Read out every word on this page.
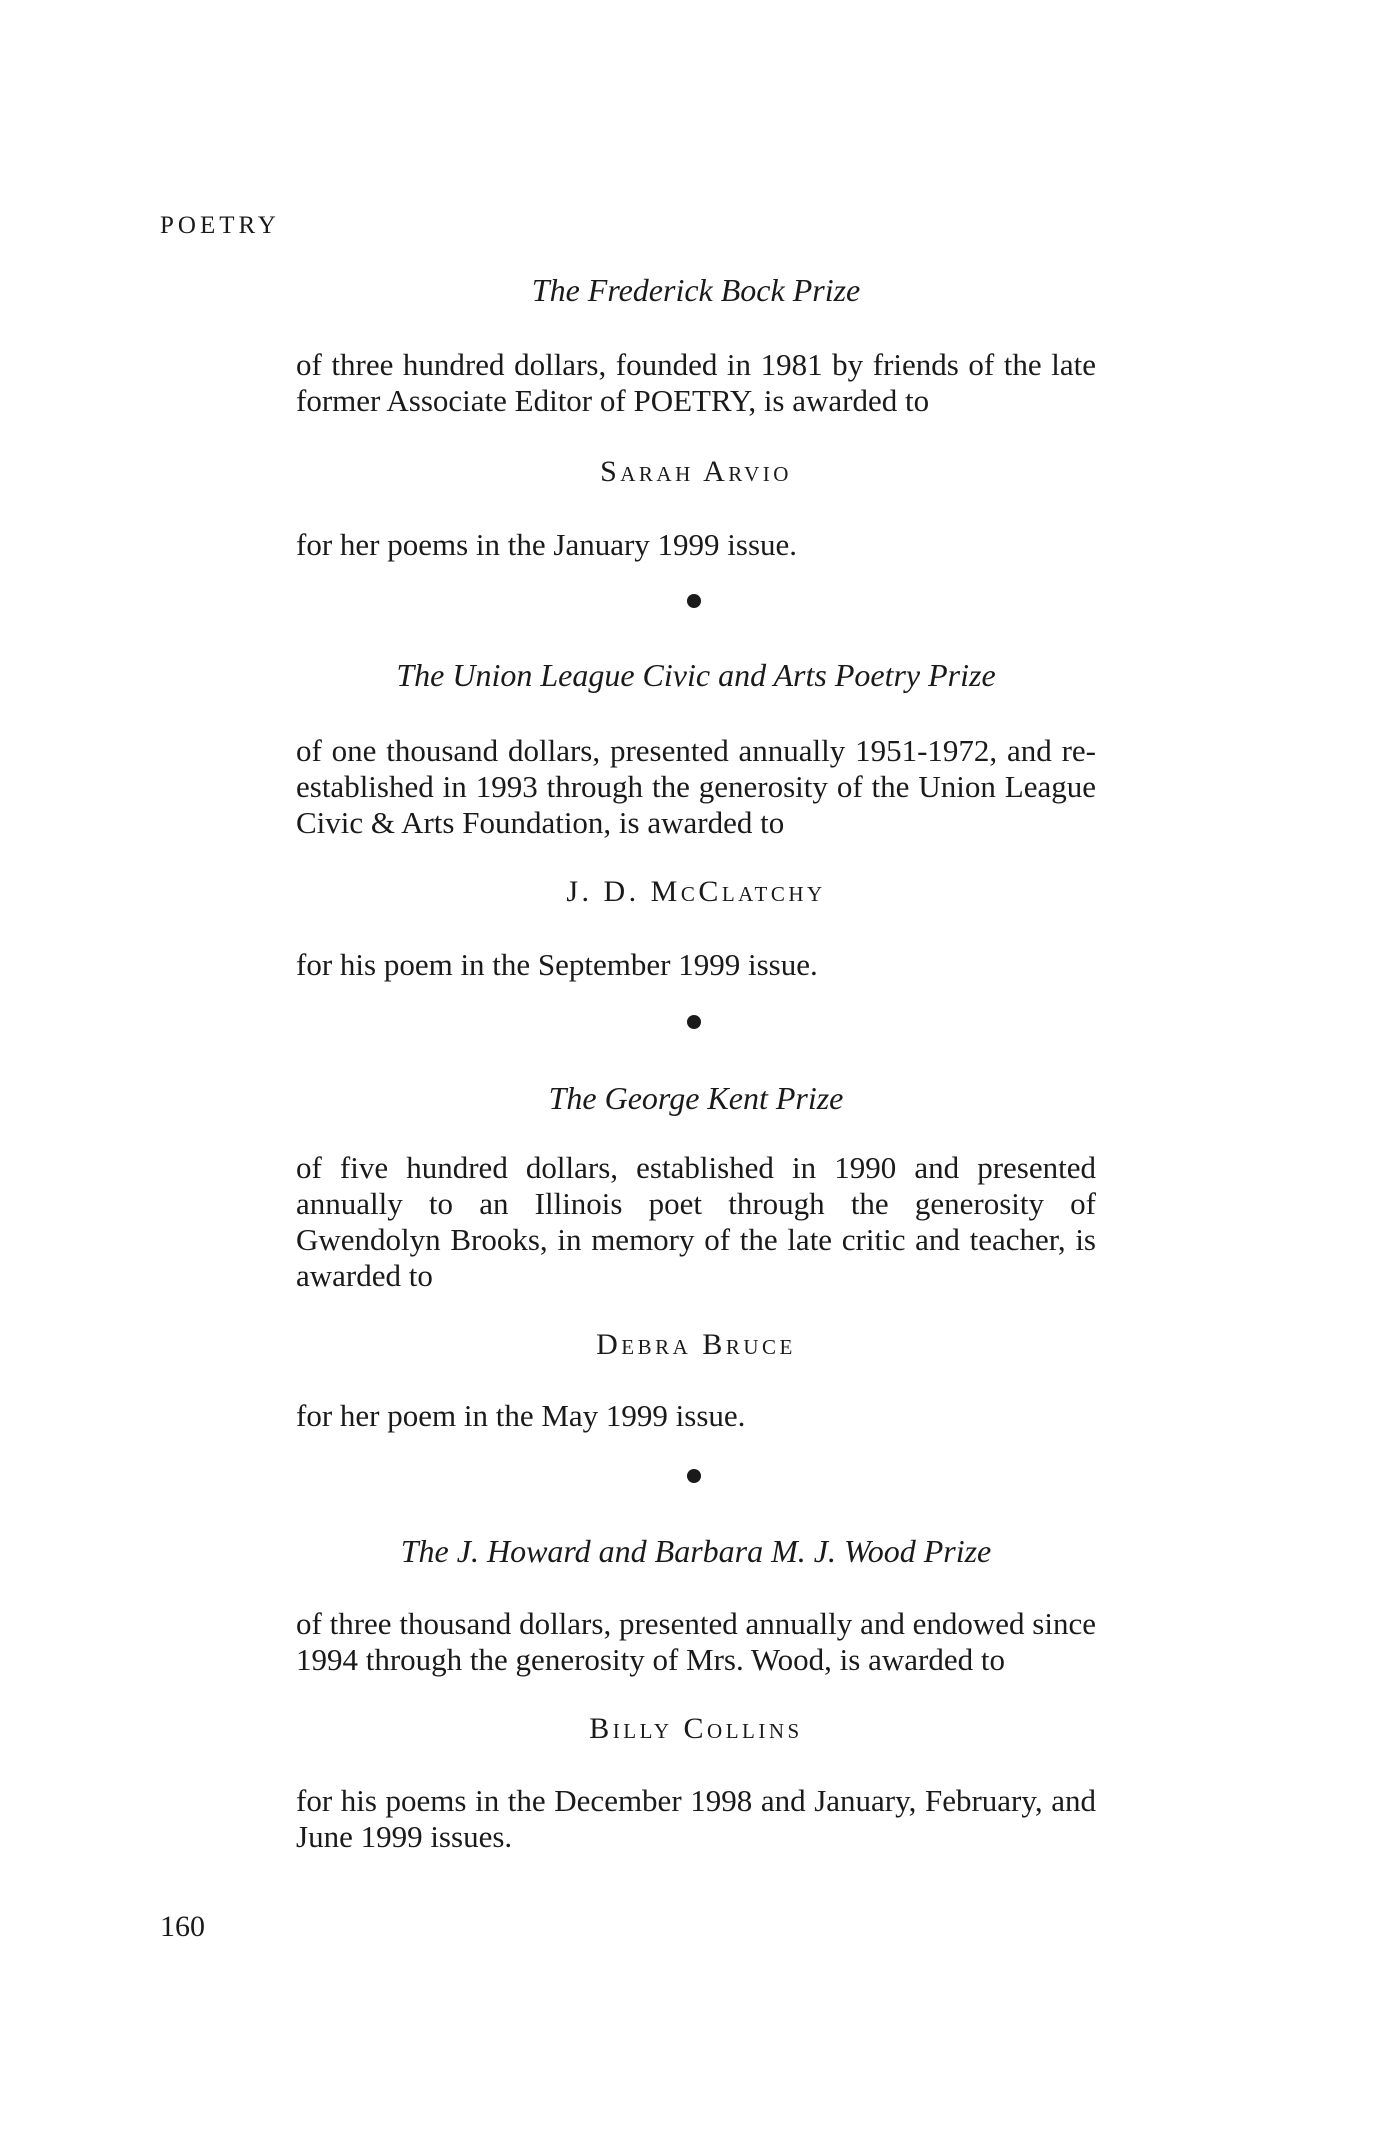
POETRY
The Frederick Bock Prize
of three hundred dollars, founded in 1981 by friends of the late former Associate Editor of POETRY, is awarded to
Sarah Arvio
for her poems in the January 1999 issue.
The Union League Civic and Arts Poetry Prize
of one thousand dollars, presented annually 1951-1972, and re-established in 1993 through the generosity of the Union League Civic & Arts Foundation, is awarded to
J. D. McClatchy
for his poem in the September 1999 issue.
The George Kent Prize
of five hundred dollars, established in 1990 and presented annually to an Illinois poet through the generosity of Gwendolyn Brooks, in memory of the late critic and teacher, is awarded to
Debra Bruce
for her poem in the May 1999 issue.
The J. Howard and Barbara M. J. Wood Prize
of three thousand dollars, presented annually and endowed since 1994 through the generosity of Mrs. Wood, is awarded to
Billy Collins
for his poems in the December 1998 and January, February, and June 1999 issues.
160
